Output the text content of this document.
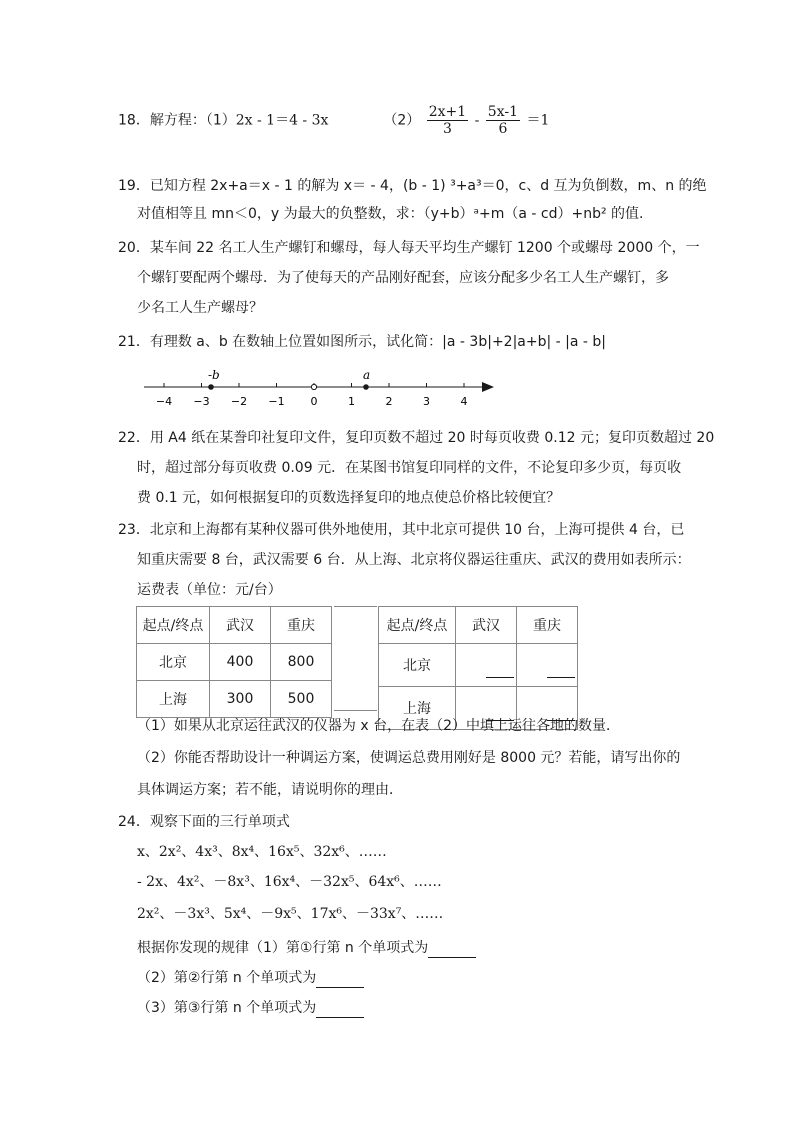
18．解方程：（1）2x - 1＝4 - 3x	$(2) \frac{2x+1}{3} - \frac{5x-1}{6} =1$
19．已知方程 2x+a＝x - 1 的解为 x＝ - 4，(b - 1) ³+a³＝0，c、d 互为负倒数，m、n 的绝
对值相等且 mn＜0，y 为最大的负整数，求：（y+b）ᵃ+m（a - cd）+nb² 的值.
20．某车间 22 名工人生产螺钉和螺母，每人每天平均生产螺钉 1200 个或螺母 2000 个，一
个螺钉要配两个螺母．为了使每天的产品刚好配套，应该分配多少名工人生产螺钉，多
少名工人生产螺母？
21．有理数 a、b 在数轴上位置如图所示，试化简：|a - 3b|+2|a+b| - |a - b|
−4 −3 −2 −1 0	1	2	3	4
-b	a
22．用 A4 纸在某誊印社复印文件，复印页数不超过 20 时每页收费 0.12 元；复印页数超过 20
时，超过部分每页收费 0.09 元．在某图书馆复印同样的文件，不论复印多少页，每页收
费 0.1 元，如何根据复印的页数选择复印的地点使总价格比较便宜？
23．北京和上海都有某种仪器可供外地使用，其中北京可提供 10 台，上海可提供 4 台，已
知重庆需要 8 台，武汉需要 6 台．从上海、北京将仪器运往重庆、武汉的费用如表所示：
运费表（单位：元/台）
起点/终点	武汉	重庆
北京	400	800
上海	300	500
起点/终点	武汉	重庆
北京		
上海		
（1）如果从北京运往武汉的仪器为 x 台，在表（2）中填上运往各地的数量．
（2）你能否帮助设计一种调运方案，使调运总费用刚好是 8000 元？若能，请写出你的
具体调运方案；若不能，请说明你的理由．
24．观察下面的三行单项式
x、2x²、4x³、8x⁴、16x⁵、32x⁶、……
- 2x、4x²、－8x³、16x⁴、－32x⁵、64x⁶、……
2x²、－3x³、5x⁴、－9x⁵、17x⁶、－33x⁷、……
根据你发现的规律（1）第①行第 n 个单项式为
（2）第②行第 n 个单项式为
（3）第③行第 n 个单项式为
